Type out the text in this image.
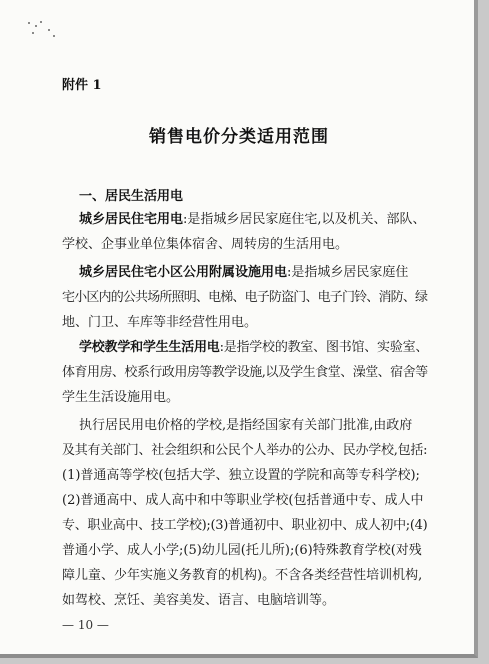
附件 1
销售电价分类适用范围
一、居民生活用电
城乡居民住宅用电:是指城乡居民家庭住宅,以及机关、部队、
学校、企事业单位集体宿舍、周转房的生活用电。
城乡居民住宅小区公用附属设施用电:是指城乡居民家庭住
宅小区内的公共场所照明、电梯、电子防盗门、电子门铃、消防、绿
地、门卫、车库等非经营性用电。
学校教学和学生生活用电:是指学校的教室、图书馆、实验室、
体育用房、校系行政用房等教学设施,以及学生食堂、澡堂、宿舍等
学生生活设施用电。
执行居民用电价格的学校,是指经国家有关部门批准,由政府
及其有关部门、社会组织和公民个人举办的公办、民办学校,包括:
(1)普通高等学校(包括大学、独立设置的学院和高等专科学校);
(2)普通高中、成人高中和中等职业学校(包括普通中专、成人中
专、职业高中、技工学校);(3)普通初中、职业初中、成人初中;(4)
普通小学、成人小学;(5)幼儿园(托儿所);(6)特殊教育学校(对残
障儿童、少年实施义务教育的机构)。不含各类经营性培训机构,
如驾校、烹饪、美容美发、语言、电脑培训等。
— 10 —
